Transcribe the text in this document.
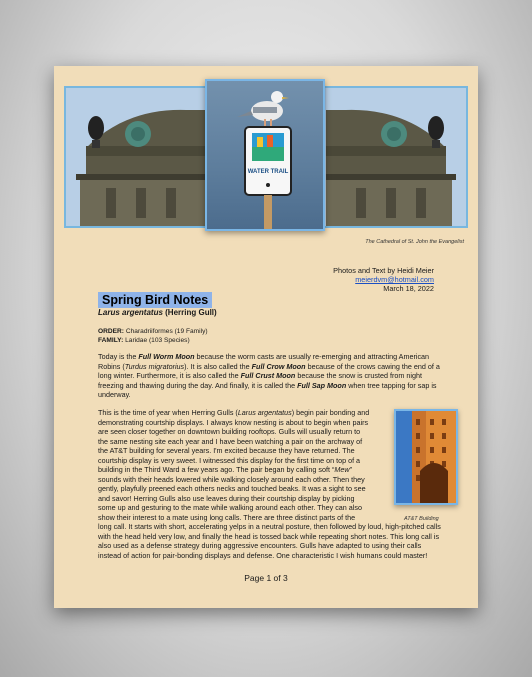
WATER TRAIL
The Cathedral of St. John the Evangelist
Photos and Text by Heidi Meier
meierdvm@hotmail.com
March 18, 2022
Spring Bird Notes
Larus argentatus (Herring Gull)
ORDER: Charadriiformes (19 Family)
FAMILY: Laridae (103 Species)

Today is the Full Worm Moon because the worm casts are usually re-emerging and attracting American Robins (Turdus migratorius). It is also called the Full Crow Moon because of the crows cawing the end of a long winter. Furthermore, it is also called the Full Crust Moon because the snow is crusted from night freezing and thawing during the day. And finally, it is called the Full Sap Moon when tree tapping for sap is underway.

This is the time of year when Herring Gulls (Larus argentatus) begin pair bonding and demonstrating courtship displays. I always know nesting is about to begin when pairs are seen closer together on downtown building rooftops. Gulls will usually return to the same nesting site each year and I have been watching a pair on the archway of the AT&T building for several years. I'm excited because they have returned. The courtship display is very sweet. I witnessed this display for the first time on top of a building in the Third Ward a few years ago. The pair began by calling soft “Mew” sounds with their heads lowered while walking closely around each other. Then they gently, playfully preened each others necks and touched beaks. It was a sight to see and savor! Herring Gulls also use leaves during their courtship display by picking some up and gesturing to the mate while walking around each other. They can also show their interest to a mate using long calls. There are three distinct parts of the long call. It starts with short, accelerating yelps in a neutral posture, then followed by loud, high-pitched calls with the head held very low, and finally the head is tossed back while repeating short notes. This long call is also used as a defense strategy during aggressive encounters. Gulls have adapted to using their calls instead of action for pair-bonding displays and defense. One characteristic I wish humans could master!

AT&T Building
Page 1 of 3
